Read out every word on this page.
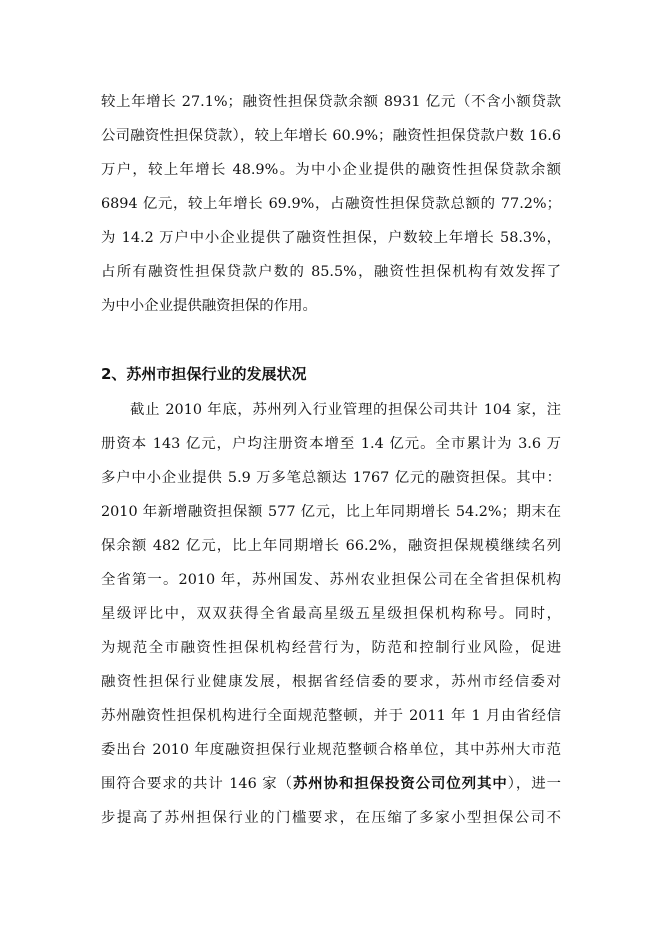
较上年增长 27.1%；融资性担保贷款余额 8931 亿元（不含小额贷款
公司融资性担保贷款），较上年增长 60.9%；融资性担保贷款户数 16.6
万户，较上年增长 48.9%。为中小企业提供的融资性担保贷款余额
6894 亿元，较上年增长 69.9%，占融资性担保贷款总额的 77.2%；
为 14.2 万户中小企业提供了融资性担保，户数较上年增长 58.3%，
占所有融资性担保贷款户数的 85.5%，融资性担保机构有效发挥了
为中小企业提供融资担保的作用。
2、苏州市担保行业的发展状况
截止 2010 年底，苏州列入行业管理的担保公司共计 104 家，注
册资本 143 亿元，户均注册资本增至 1.4 亿元。全市累计为 3.6 万
多户中小企业提供 5.9 万多笔总额达 1767 亿元的融资担保。其中：
2010 年新增融资担保额 577 亿元，比上年同期增长 54.2%；期末在
保余额 482 亿元，比上年同期增长 66.2%，融资担保规模继续名列
全省第一。2010 年，苏州国发、苏州农业担保公司在全省担保机构
星级评比中，双双获得全省最高星级五星级担保机构称号。同时，
为规范全市融资性担保机构经营行为，防范和控制行业风险，促进
融资性担保行业健康发展，根据省经信委的要求，苏州市经信委对
苏州融资性担保机构进行全面规范整顿，并于 2011 年 1 月由省经信
委出台 2010 年度融资担保行业规范整顿合格单位，其中苏州大市范
围符合要求的共计 146 家（苏州协和担保投资公司位列其中），进一
步提高了苏州担保行业的门槛要求，在压缩了多家小型担保公司不
